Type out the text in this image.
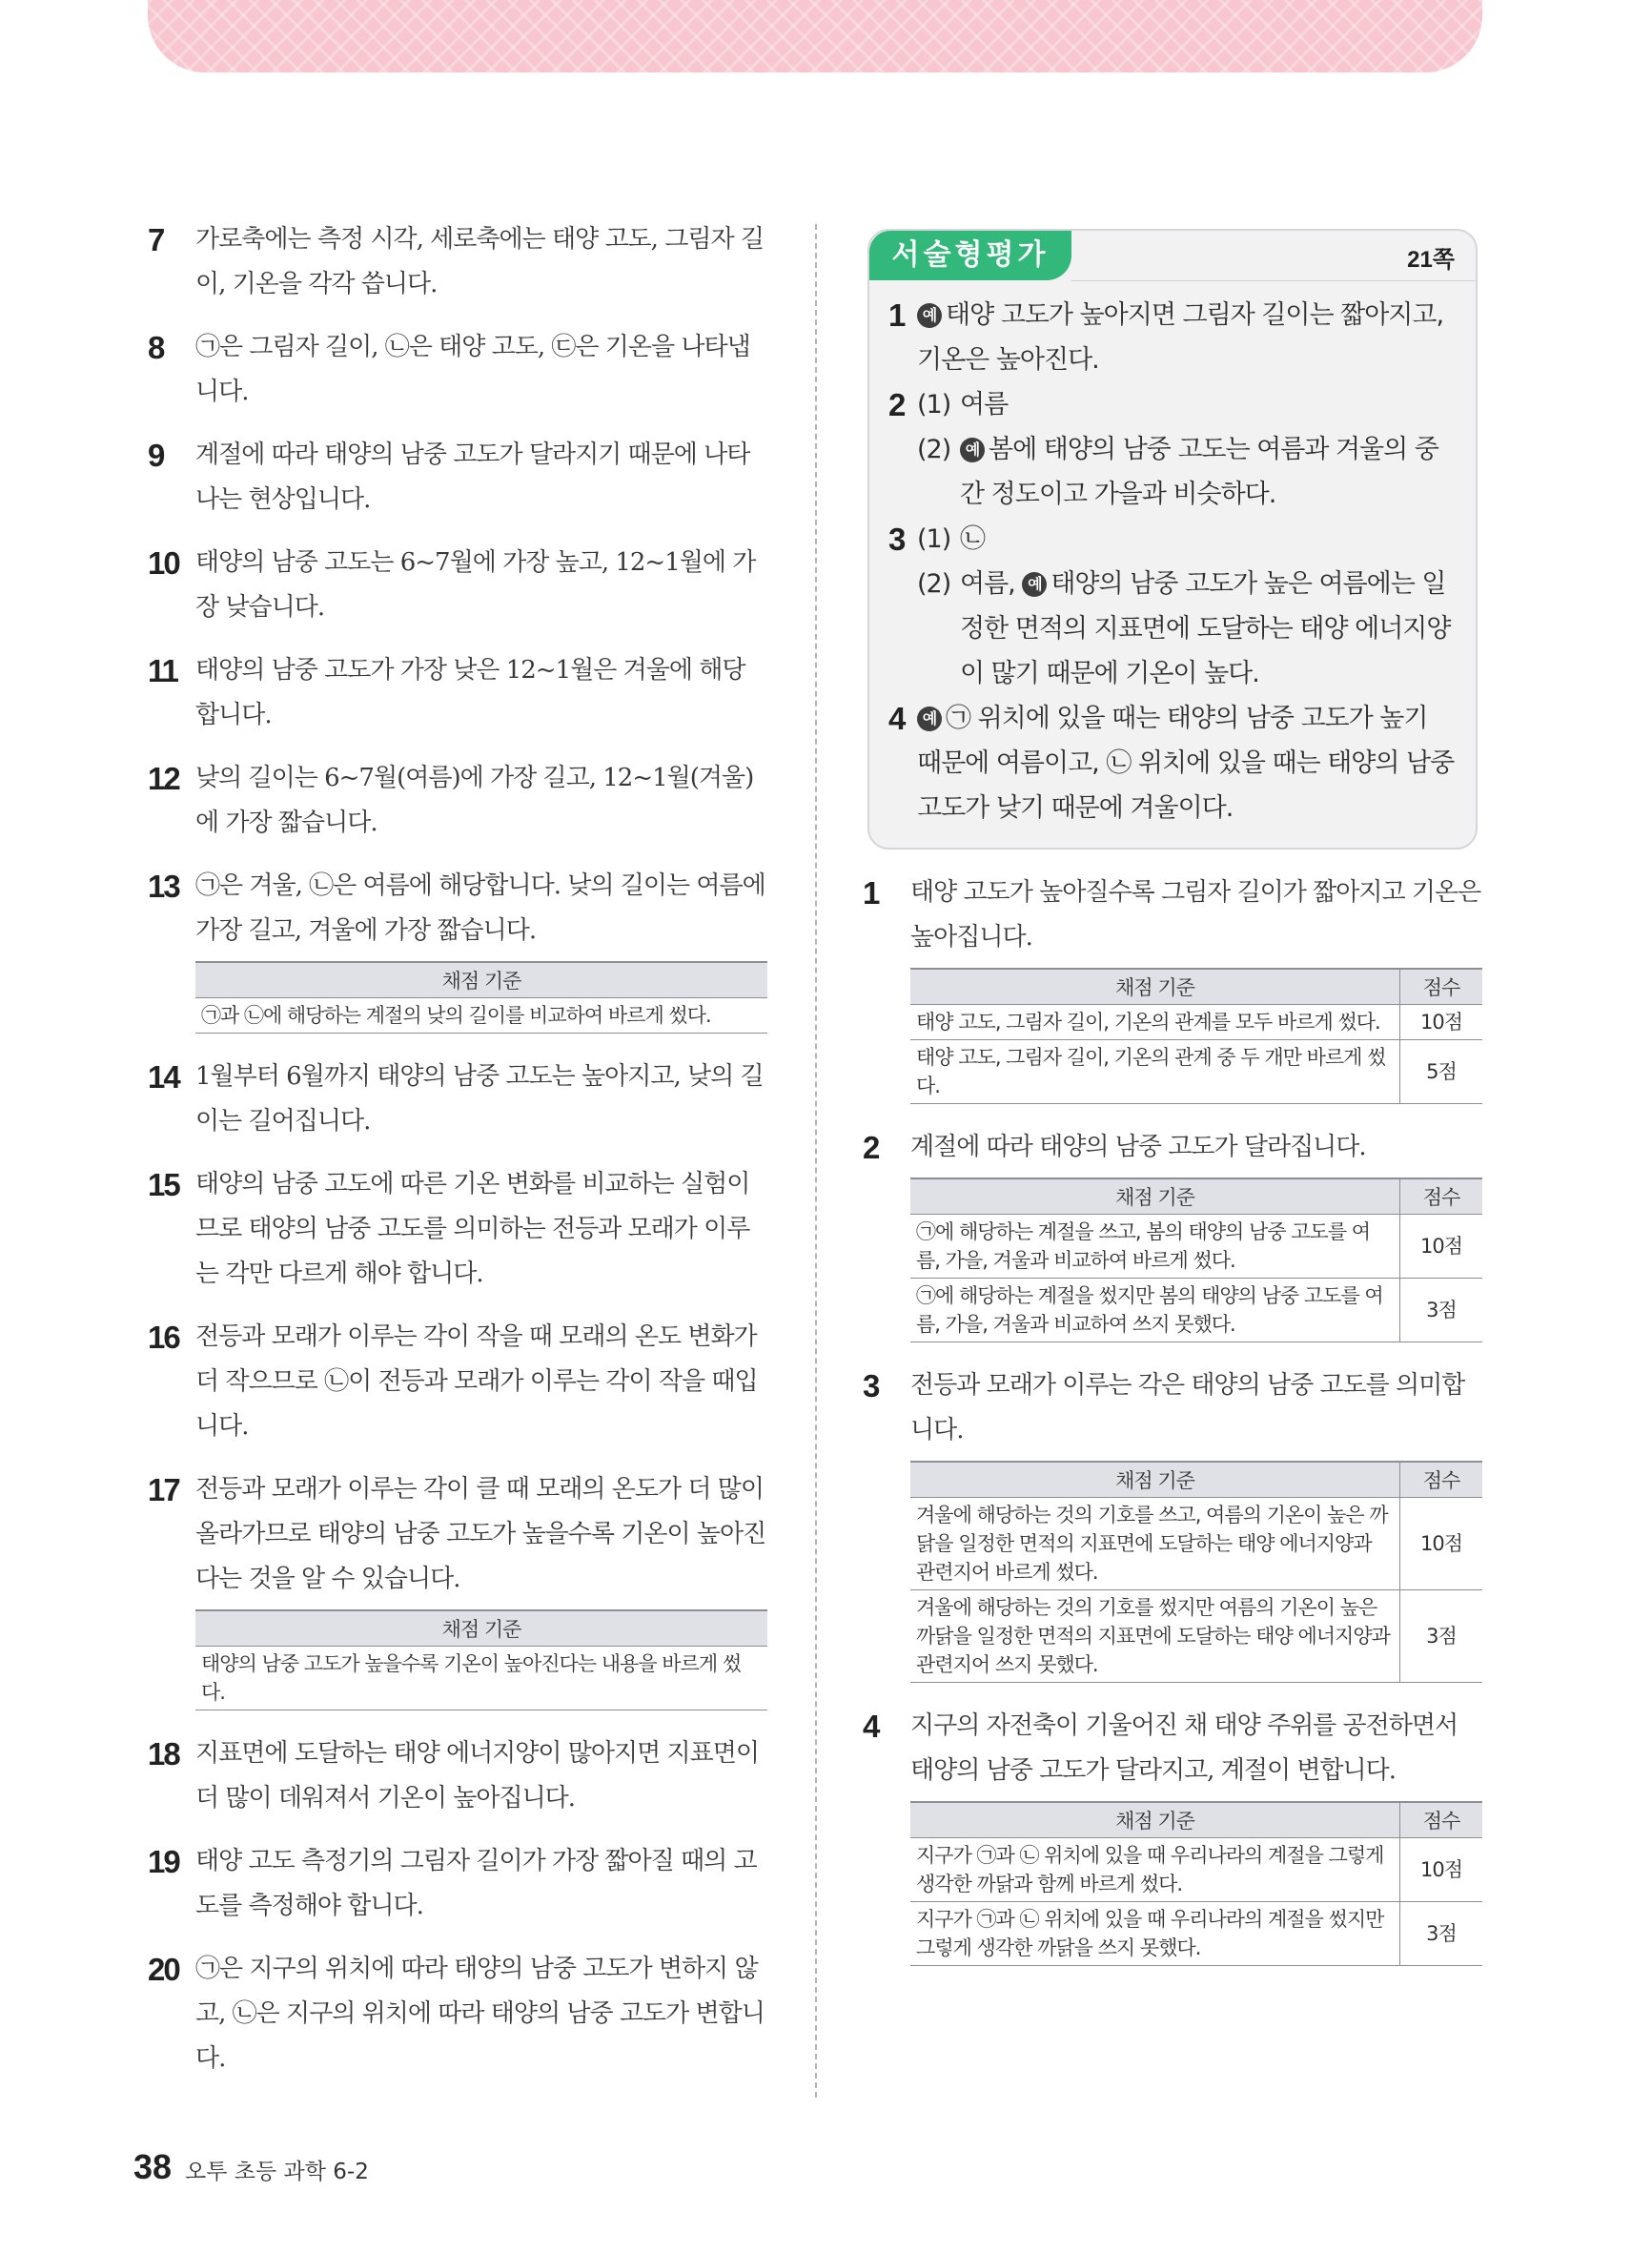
7	가로축에는 측정 시각, 세로축에는 태양 고도, 그림자 길이, 기온을 각각 씁니다.
8	㉠은 그림자 길이, ㉡은 태양 고도, ㉢은 기온을 나타냅니다.
9	계절에 따라 태양의 남중 고도가 달라지기 때문에 나타나는 현상입니다.
10 태양의 남중 고도는 6~7월에 가장 높고, 12~1월에 가장 낮습니다.
11 태양의 남중 고도가 가장 낮은 12~1월은 겨울에 해당합니다.
12 낮의 길이는 6~7월(여름)에 가장 길고, 12~1월(겨울)에 가장 짧습니다.
13 ㉠은 겨울, ㉡은 여름에 해당합니다. 낮의 길이는 여름에 가장 길고, 겨울에 가장 짧습니다.
채점 기준
㉠과 ㉡에 해당하는 계절의 낮의 길이를 비교하여 바르게 썼다.
14 1월부터 6월까지 태양의 남중 고도는 높아지고, 낮의 길이는 길어집니다.
15 태양의 남중 고도에 따른 기온 변화를 비교하는 실험이므로 태양의 남중 고도를 의미하는 전등과 모래가 이루는 각만 다르게 해야 합니다.
16 전등과 모래가 이루는 각이 작을 때 모래의 온도 변화가 더 작으므로 ㉡이 전등과 모래가 이루는 각이 작을 때입니다.
17 전등과 모래가 이루는 각이 클 때 모래의 온도가 더 많이 올라가므로 태양의 남중 고도가 높을수록 기온이 높아진다는 것을 알 수 있습니다.
채점 기준
태양의 남중 고도가 높을수록 기온이 높아진다는 내용을 바르게 썼다.
18 지표면에 도달하는 태양 에너지양이 많아지면 지표면이 더 많이 데워져서 기온이 높아집니다.
19 태양 고도 측정기의 그림자 길이가 가장 짧아질 때의 고도를 측정해야 합니다.
20 ㉠은 지구의 위치에 따라 태양의 남중 고도가 변하지 않고, ㉡은 지구의 위치에 따라 태양의 남중 고도가 변합니다.
서술형평가	21쪽
1	예 태양 고도가 높아지면 그림자 길이는 짧아지고, 기온은 높아진다.
2 (1) 여름
(2) 예 봄에 태양의 남중 고도는 여름과 겨울의 중간 정도이고 가을과 비슷하다.
3 (1) ㉡
(2) 여름, 예 태양의 남중 고도가 높은 여름에는 일정한 면적의 지표면에 도달하는 태양 에너지양이 많기 때문에 기온이 높다.
4	예 ㉠ 위치에 있을 때는 태양의 남중 고도가 높기 때문에 여름이고, ㉡ 위치에 있을 때는 태양의 남중 고도가 낮기 때문에 겨울이다.
1	태양 고도가 높아질수록 그림자 길이가 짧아지고 기온은 높아집니다.
채점 기준	점수
태양 고도, 그림자 길이, 기온의 관계를 모두 바르게 썼다.	10점
태양 고도, 그림자 길이, 기온의 관계 중 두 개만 바르게 썼다.	5점
2	계절에 따라 태양의 남중 고도가 달라집니다.
채점 기준	점수
㉠에 해당하는 계절을 쓰고, 봄의 태양의 남중 고도를 여름, 가을, 겨울과 비교하여 바르게 썼다.	10점
㉠에 해당하는 계절을 썼지만 봄의 태양의 남중 고도를 여름, 가을, 겨울과 비교하여 쓰지 못했다.	3점
3	전등과 모래가 이루는 각은 태양의 남중 고도를 의미합니다.
채점 기준	점수
겨울에 해당하는 것의 기호를 쓰고, 여름의 기온이 높은 까닭을 일정한 면적의 지표면에 도달하는 태양 에너지양과 관련지어 바르게 썼다.	10점
겨울에 해당하는 것의 기호를 썼지만 여름의 기온이 높은 까닭을 일정한 면적의 지표면에 도달하는 태양 에너지양과 관련지어 쓰지 못했다.	3점
4	지구의 자전축이 기울어진 채 태양 주위를 공전하면서 태양의 남중 고도가 달라지고, 계절이 변합니다.
채점 기준	점수
지구가 ㉠과 ㉡ 위치에 있을 때 우리나라의 계절을 그렇게 생각한 까닭과 함께 바르게 썼다.	10점
지구가 ㉠과 ㉡ 위치에 있을 때 우리나라의 계절을 썼지만 그렇게 생각한 까닭을 쓰지 못했다.	3점
38 오투 초등 과학 6-2
